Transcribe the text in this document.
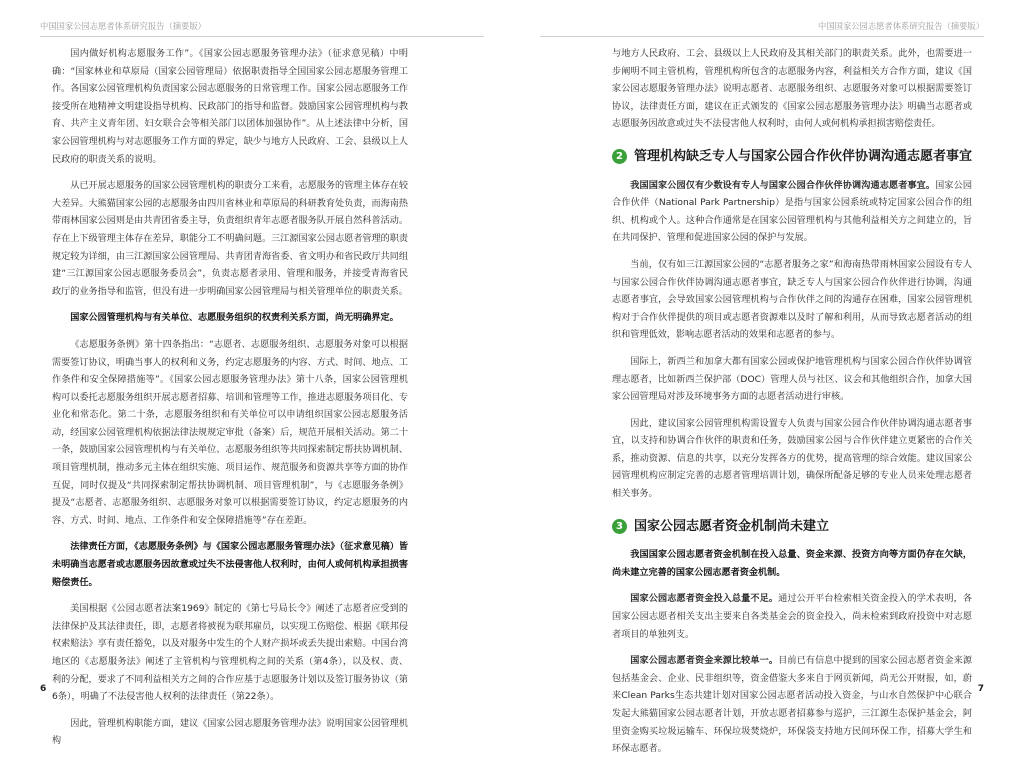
中国国家公园志愿者体系研究报告（摘要版）

国内做好机构志愿服务工作”。《国家公园志愿服务管理办法》（征求意见稿）中明确：“国家林业和草原局（国家公园管理局）依据职责指导全国国家公园志愿服务管理工作。各国家公园管理机构负责国家公园志愿服务的日常管理工作。国家公园志愿服务工作接受所在地精神文明建设指导机构、民政部门的指导和监督。鼓励国家公园管理机构与教育、共产主义青年团、妇女联合会等相关部门以团体加强协作”。从上述法律中分析，国家公园管理机构与对志愿服务工作方面的界定，缺少与地方人民政府、工会、县级以上人民政府的职责关系的说明。

从已开展志愿服务的国家公园管理机构的职责分工来看，志愿服务的管理主体存在较大差异。大熊猫国家公园的志愿服务由四川省林业和草原局的科研教育处负责，而海南热带雨林国家公园则是由共青团省委主导，负责组织青年志愿者服务队开展自然科普活动。存在上下级管理主体存在差异，职能分工不明确问题。三江源国家公园志愿者管理的职责规定较为详细，由三江源国家公园管理局、共青团青海省委、省文明办和省民政厅共同组建“三江源国家公园志愿服务委员会”，负责志愿者录用、管理和服务，并接受青海省民政厅的业务指导和监管，但没有进一步明确国家公园管理局与相关管理单位的职责关系。

国家公园管理机构与有关单位、志愿服务组织的权责利关系方面，尚无明确界定。

《志愿服务条例》第十四条指出：“志愿者、志愿服务组织、志愿服务对象可以根据需要签订协议，明确当事人的权利和义务，约定志愿服务的内容、方式、时间、地点、工作条件和安全保障措施等”。《国家公园志愿服务管理办法》第十八条，国家公园管理机构可以委托志愿服务组织开展志愿者招募、培训和管理等工作，推进志愿服务项目化、专业化和常态化。第二十条，志愿服务组织和有关单位可以申请组织国家公园志愿服务活动，经国家公园管理机构依据法律法规规定审批（备案）后，规范开展相关活动。第二十一条，鼓励国家公园管理机构与有关单位、志愿服务组织等共同探索制定帮扶协调机制、项目管理机制，推动多元主体在组织实施、项目运作、规范服务和资源共享等方面的协作互促，同时仅提及“共同探索制定帮扶协调机制、项目管理机制”，与《志愿服务条例》提及“志愿者、志愿服务组织、志愿服务对象可以根据需要签订协议，约定志愿服务的内容、方式、时间、地点、工作条件和安全保障措施等”存在差距。

法律责任方面，《志愿服务条例》与《国家公园志愿服务管理办法》（征求意见稿）皆未明确当志愿者或志愿服务因故意或过失不法侵害他人权利时，由何人或何机构承担损害赔偿责任。

美国根据《公园志愿者法案1969》制定的《第七号局长令》阐述了志愿者应受到的法律保护及其法律责任，即，志愿者将被视为联邦雇员，以实现工伤赔偿、根据《联邦侵权索赔法》享有责任豁免，以及对服务中发生的个人财产损坏或丢失提出索赔。中国台湾地区的《志愿服务法》阐述了主管机构与管理机构之间的关系（第4条），以及权、责、利的分配，要求了不同利益相关方之间的合作应基于志愿服务计划以及签订服务协议（第6条），明确了不法侵害他人权利的法律责任（第22条）。

因此，管理机构职能方面，建议《国家公园志愿服务管理办法》说明国家公园管理机构

6
中国国家公园志愿者体系研究报告（摘要版）

与地方人民政府、工会、县级以上人民政府及其相关部门的职责关系。此外，也需要进一步阐明不同主管机构，管理机构所包含的志愿服务内容，利益相关方合作方面，建议《国家公园志愿服务管理办法》说明志愿者、志愿服务组织、志愿服务对象可以根据需要签订协议，法律责任方面，建议在正式颁发的《国家公园志愿服务管理办法》明确当志愿者或志愿服务因故意或过失不法侵害他人权利时，由何人或何机构承担损害赔偿责任。

2 管理机构缺乏专人与国家公园合作伙伴协调沟通志愿者事宜

我国国家公园仅有少数设有专人与国家公园合作伙伴协调沟通志愿者事宜。国家公园合作伙伴（National Park Partnership）是指与国家公园系统或特定国家公园合作的组织、机构或个人。这种合作通常是在国家公园管理机构与其他利益相关方之间建立的，旨在共同保护、管理和促进国家公园的保护与发展。

当前，仅有如三江源国家公园的“志愿者服务之家”和海南热带雨林国家公园设有专人与国家公园合作伙伴协调沟通志愿者事宜，缺乏专人与国家公园合作伙伴进行协调，沟通志愿者事宜，会导致国家公园管理机构与合作伙伴之间的沟通存在困难，国家公园管理机构对于合作伙伴提供的项目或志愿者资源难以及时了解和利用，从而导致志愿者活动的组织和管理低效，影响志愿者活动的效果和志愿者的参与。

国际上，新西兰和加拿大都有国家公园或保护地管理机构与国家公园合作伙伴协调管理志愿者，比如新西兰保护部（DOC）管理人员与社区、议会和其他组织合作，加拿大国家公园管理局对涉及环境事务方面的志愿者活动进行审核。

因此，建议国家公园管理机构需设置专人负责与国家公园合作伙伴协调沟通志愿者事宜，以支持和协调合作伙伴的职责和任务，鼓励国家公园与合作伙伴建立更紧密的合作关系，推动资源、信息的共享，以充分发挥各方的优势，提高管理的综合效能。建议国家公园管理机构应制定完善的志愿者管理培训计划，确保所配备足够的专业人员来处理志愿者相关事务。

3 国家公园志愿者资金机制尚未建立

我国国家公园志愿者资金机制在投入总量、资金来源、投资方向等方面仍存在欠缺，尚未建立完善的国家公园志愿者资金机制。

国家公园志愿者资金投入总量不足。通过公开平台检索相关资金投入的学术表明，各国家公园志愿者相关支出主要来自各类基金会的资金投入，尚未检索到政府投资中对志愿者项目的单独列支。

国家公园志愿者资金来源比较单一。目前已有信息中提到的国家公园志愿者资金来源包括基金会、企业、民非组织等，资金借鉴大多来自于网页新闻，尚无公开财报，如，蔚来Clean Parks生态共建计划对国家公园志愿者活动投入资金，与山水自然保护中心联合发起大熊猫国家公园志愿者计划，开放志愿者招募参与巡护，三江源生态保护基金会，阿里资金购买垃圾运输车、环保垃圾焚烧炉，环保袋支持地方民间环保工作，招募大学生和环保志愿者。

7
